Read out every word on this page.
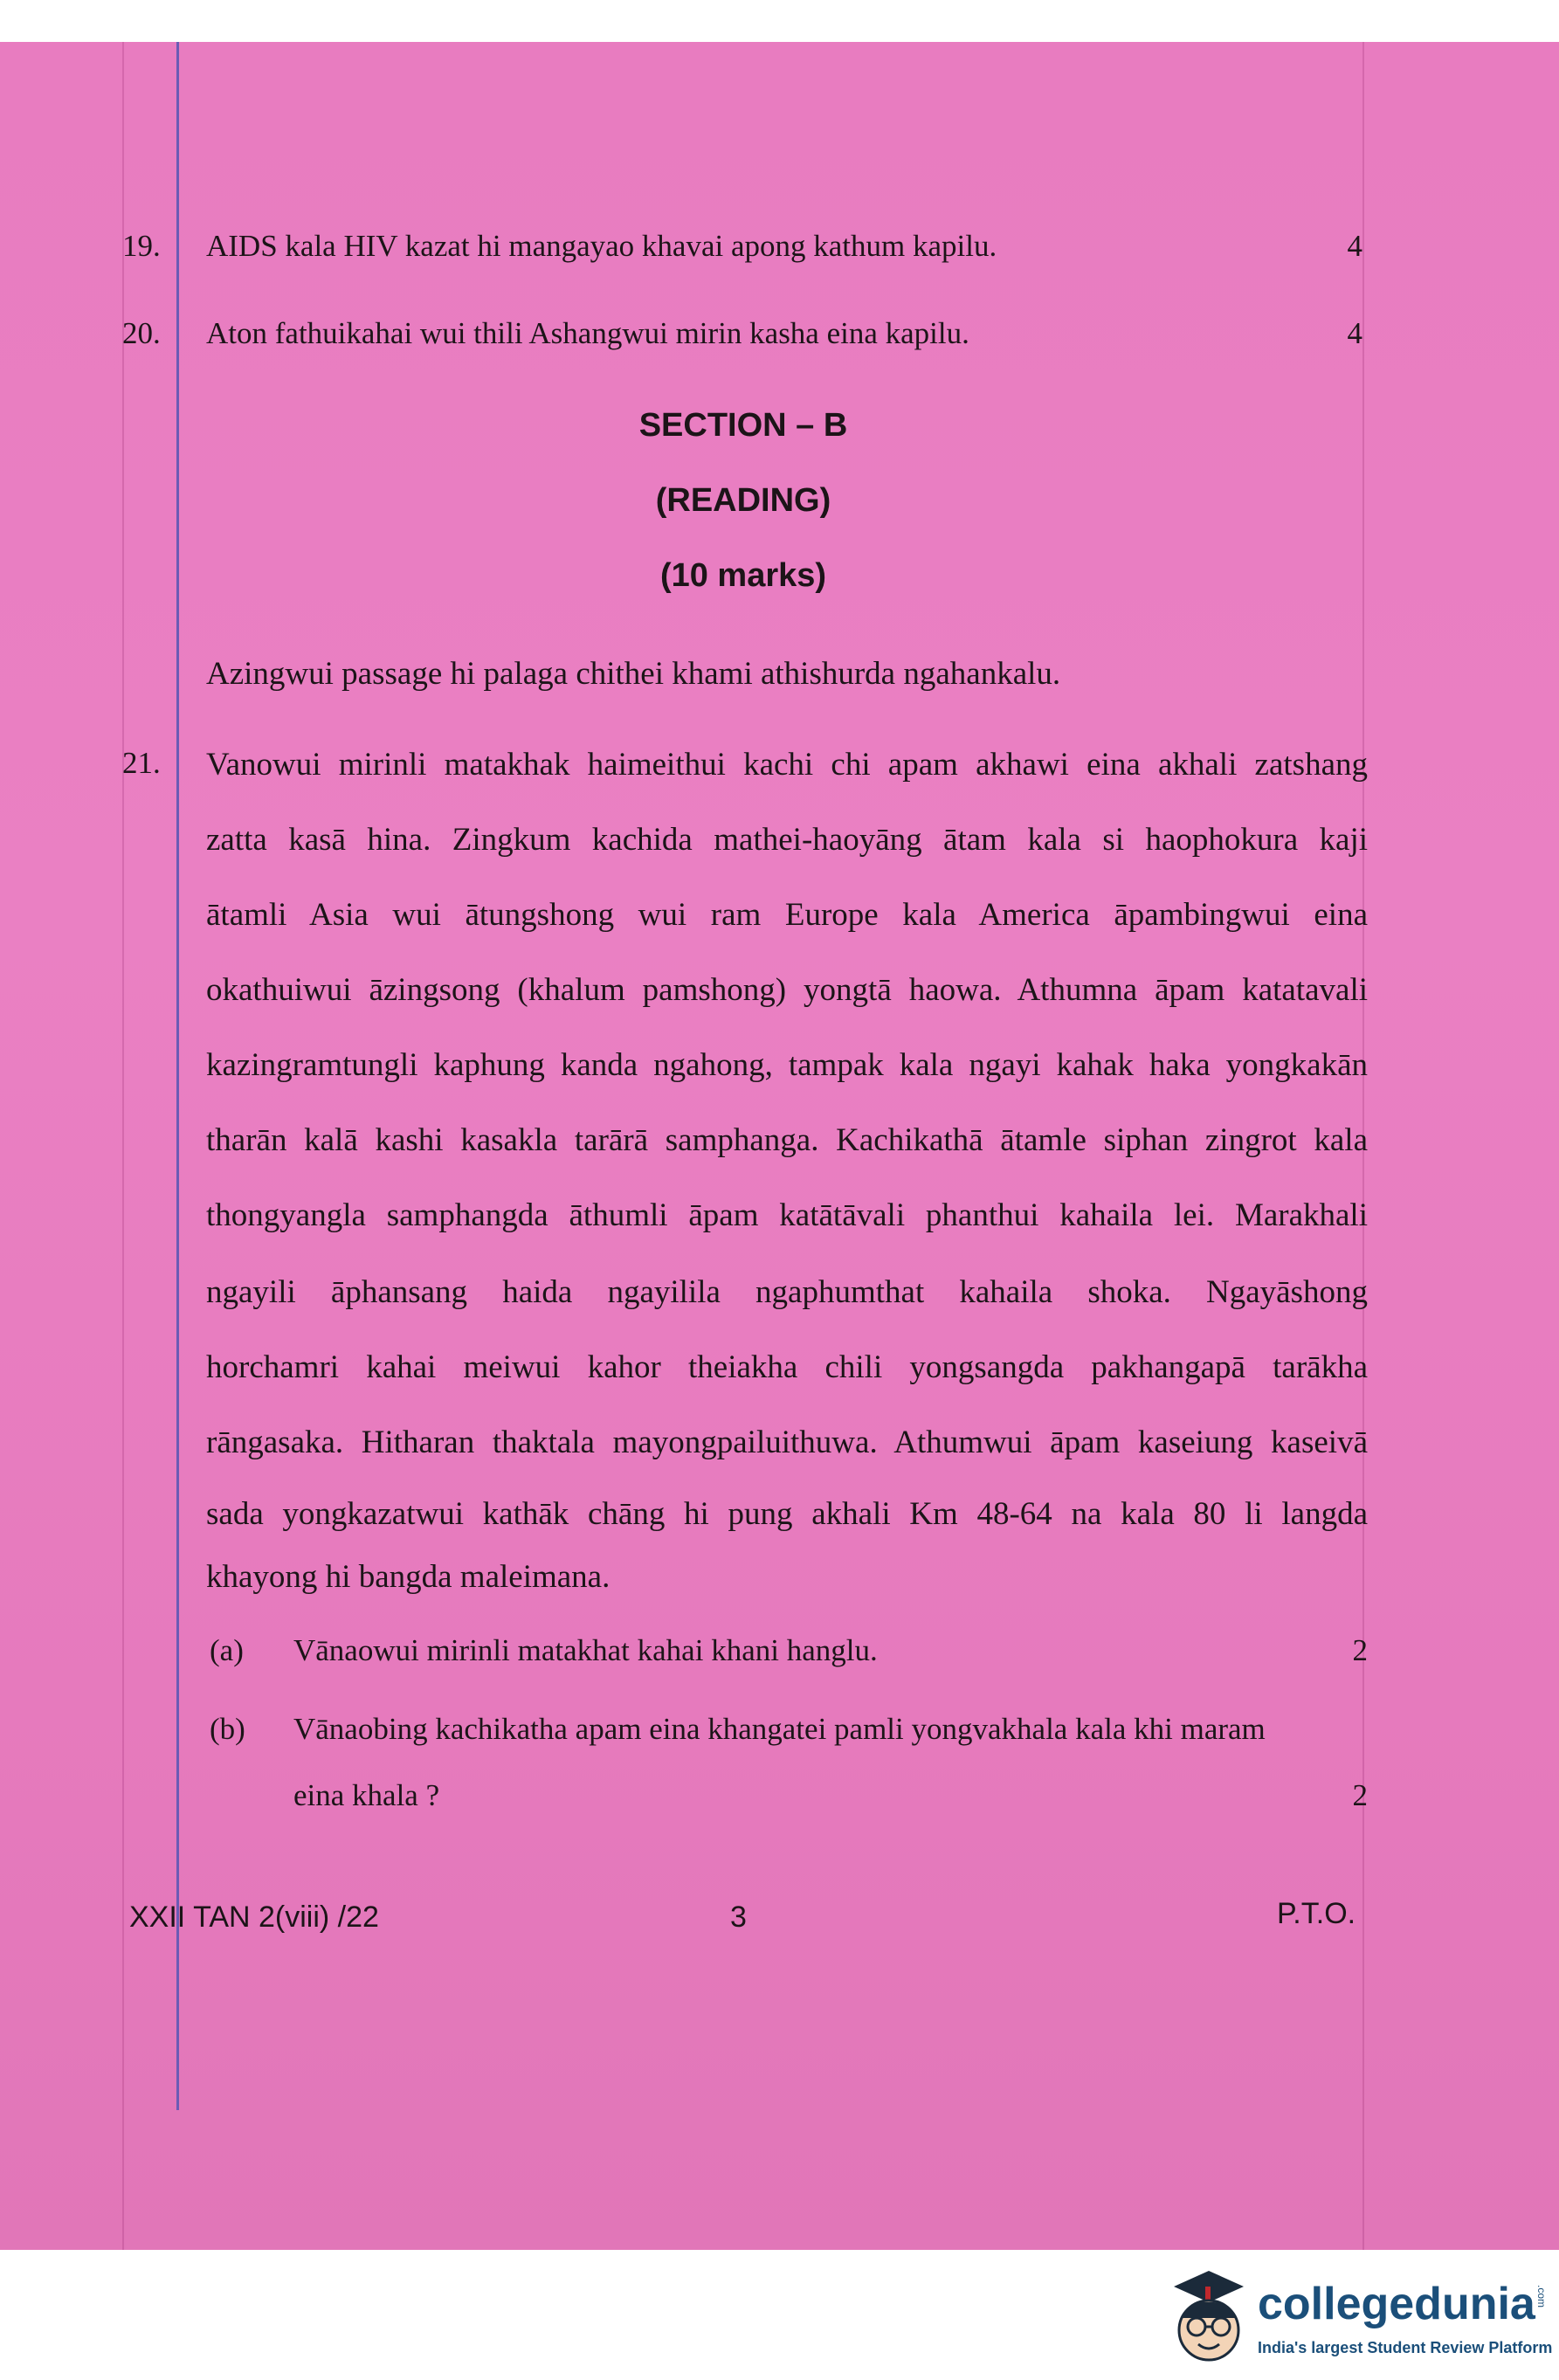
19. AIDS kala HIV kazat hi mangayao khavai apong kathum kapilu.	4
20. Aton fathuikahai wui thili Ashangwui mirin kasha eina kapilu.	4
SECTION – B
(READING)
(10 marks)
Azingwui passage hi palaga chithei khami athishurda ngahankalu.
21. Vanowui mirinli matakhak haimeithui kachi chi apam akhawi eina akhali zatshang
zatta kasā hina. Zingkum kachida mathei-haoyāng ātam kala si haophokura kaji
ātamli Asia wui ātungshong wui ram Europe kala America āpambingwui eina
okathuiwui āzingsong (khalum pamshong) yongtā haowa. Athumna āpam katatavali
kazingramtungli kaphung kanda ngahong, tampak kala ngayi kahak haka yongkakān
tharān kalā kashi kasakla tarārā samphanga. Kachikathā ātamle siphan zingrot kala
thongyangla samphangda āthumli āpam katātāvali phanthui kahaila lei. Marakhali
ngayili āphansang haida ngayilila ngaphumthat kahaila shoka. Ngayāshong
horchamri kahai meiwui kahor theiakha chili yongsangda pakhangapā tarākha
rāngasaka. Hitharan thaktala mayongpailuithuwa. Athumwui āpam kaseiung kaseivā
sada yongkazatwui kathāk chāng hi pung akhali Km 48-64 na kala 80 li langda
khayong hi bangda maleimana.
(a) Vānaowui mirinli matakhat kahai khani hanglu.	2
(b) Vānaobing kachikatha apam eina khangatei pamli yongvakhala kala khi maram
eina khala ?	2
XXII TAN 2(viii) /22	3	P.T.O.
collegedunia .com
India's largest Student Review Platform
